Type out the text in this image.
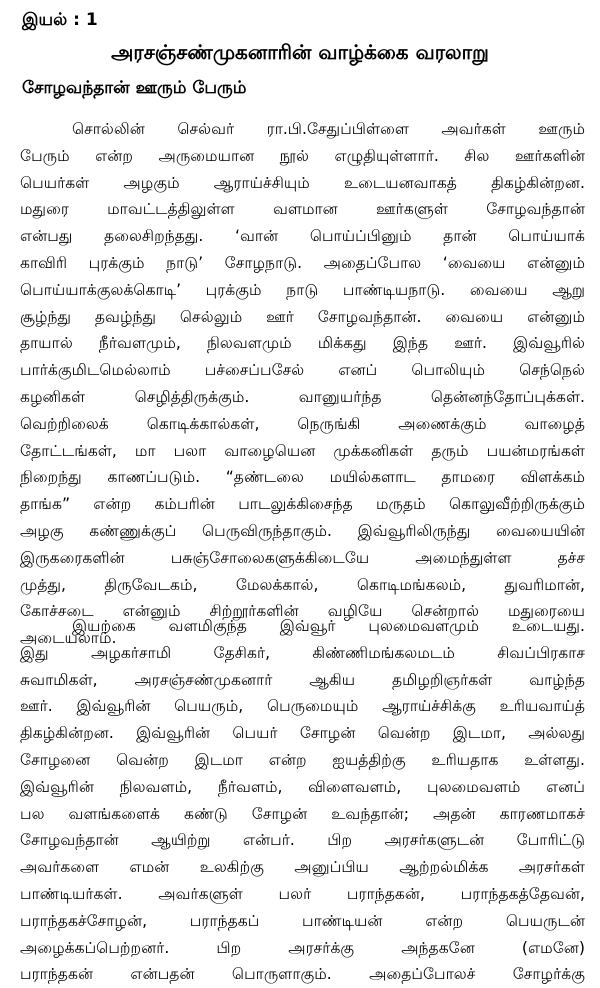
இயல் : 1
அரசஞ்சண்முகனாரின் வாழ்க்கை வரலாறு
சோழவந்தான் ஊரும் பேரும்
சொல்லின் செல்வர் ரா.பி.சேதுப்பிள்ளை அவர்கள் ஊரும்
பேரும் என்ற அருமையான நூல் எழுதியுள்ளார். சில ஊர்களின்
பெயர்கள் அழகும் ஆராய்ச்சியும் உடையனவாகத் திகழ்கின்றன.
மதுரை மாவட்டத்திலுள்ள வளமான ஊர்களுள் சோழவந்தான்
என்பது தலைசிறந்தது. ‘வான் பொய்ப்பினும் தான் பொய்யாக்
காவிரி புரக்கும் நாடு’ சோழநாடு. அதைப்போல ‘வையை என்னும்
பொய்யாக்குலக்கொடி’ புரக்கும் நாடு பாண்டியநாடு. வையை ஆறு
சூழ்ந்து தவழ்ந்து செல்லும் ஊர் சோழவந்தான். வையை என்னும்
தாயால் நீர்வளமும், நிலவளமும் மிக்கது இந்த ஊர். இவ்வூரில்
பார்க்குமிடமெல்லாம் பச்சைப்பசேல் எனப் பொலியும் செந்நெல்
கழனிகள் செழித்திருக்கும். வானுயர்ந்த தென்னந்தோப்புக்கள்.
வெற்றிலைக் கொடிக்கால்கள், நெருங்கி அணைக்கும் வாழைத்
தோட்டங்கள், மா பலா வாழையென முக்கனிகள் தரும் பயன்மரங்கள்
நிறைந்து காணப்படும். “தண்டலை மயில்களாட தாமரை விளக்கம்
தாங்க” என்ற கம்பரின் பாடலுக்கிசைந்த மருதம் கொலுவீற்றிருக்கும்
அழகு கண்ணுக்குப் பெருவிருந்தாகும். இவ்வூரிலிருந்து வையையின்
இருகரைகளின் பசுஞ்சோலைகளுக்கிடையே அமைந்துள்ள தச்ச
முத்து, திருவேடகம், மேலக்கால், கொடிமங்கலம், துவரிமான்,
கோச்சடை என்னும் சிற்றூர்களின் வழியே சென்றால் மதுரையை
அடையலாம்.
இயற்கை வளமிகுந்த இவ்வூர் புலமைவளமும் உடையது.
இது அழகர்சாமி தேசிகர், கிண்ணிமங்கலமடம் சிவப்பிரகாச
சுவாமிகள், அரசஞ்சண்முகனார் ஆகிய தமிழறிஞர்கள் வாழ்ந்த
ஊர். இவ்வூரின் பெயரும், பெருமையும் ஆராய்ச்சிக்கு உரியவாய்த்
திகழ்கின்றன. இவ்வூரின் பெயர் சோழன் வென்ற இடமா, அல்லது
சோழனை வென்ற இடமா என்ற ஐயத்திற்கு உரியதாக உள்ளது.
இவ்வூரின் நிலவளம், நீர்வளம், விளைவளம், புலமைவளம் எனப்
பல வளங்களைக் கண்டு சோழன் உவந்தான்; அதன் காரணமாகச்
சோழவந்தான் ஆயிற்று என்பர். பிற அரசர்களுடன் போரிட்டு
அவர்களை எமன் உலகிற்கு அனுப்பிய ஆற்றல்மிக்க அரசர்கள்
பாண்டியர்கள். அவர்களுள் பலர் பராந்தகன், பராந்தகத்தேவன்,
பராந்தகச்சோழன், பராந்தகப் பாண்டியன் என்ற பெயருடன்
அழைக்கப்பெற்றனர். பிற அரசர்க்கு அந்தகனே (எமனே)
பராந்தகன் என்பதன் பொருளாகும். அதைப்போலச் சோழர்க்கு
